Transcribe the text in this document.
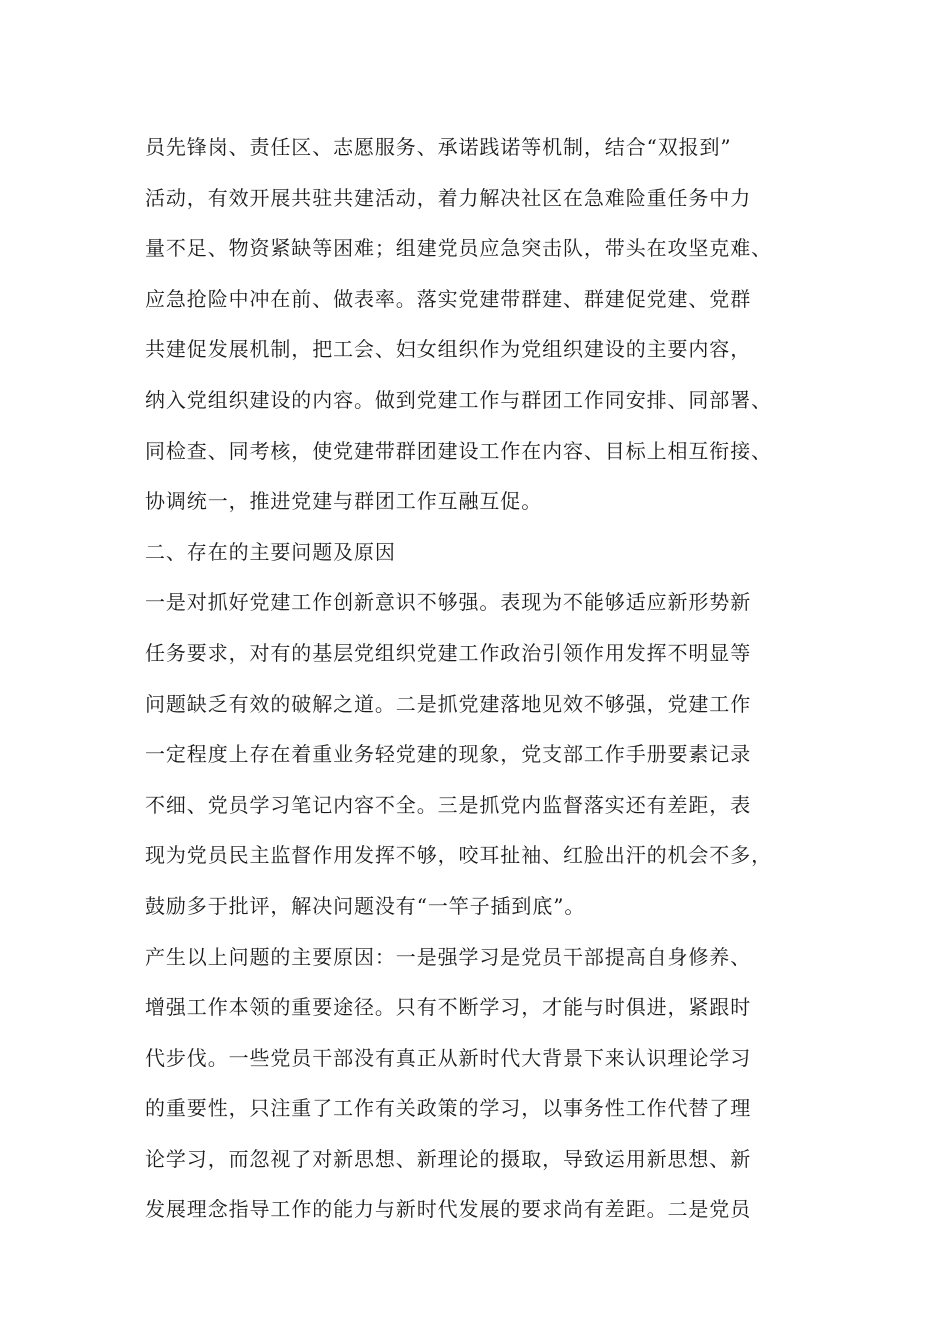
员先锋岗、责任区、志愿服务、承诺践诺等机制，结合“双报到”
活动，有效开展共驻共建活动，着力解决社区在急难险重任务中力
量不足、物资紧缺等困难；组建党员应急突击队，带头在攻坚克难、
应急抢险中冲在前、做表率。落实党建带群建、群建促党建、党群
共建促发展机制，把工会、妇女组织作为党组织建设的主要内容，
纳入党组织建设的内容。做到党建工作与群团工作同安排、同部署、
同检查、同考核，使党建带群团建设工作在内容、目标上相互衔接、
协调统一，推进党建与群团工作互融互促。
二、存在的主要问题及原因
一是对抓好党建工作创新意识不够强。表现为不能够适应新形势新
任务要求，对有的基层党组织党建工作政治引领作用发挥不明显等
问题缺乏有效的破解之道。二是抓党建落地见效不够强，党建工作
一定程度上存在着重业务轻党建的现象，党支部工作手册要素记录
不细、党员学习笔记内容不全。三是抓党内监督落实还有差距，表
现为党员民主监督作用发挥不够，咬耳扯袖、红脸出汗的机会不多，
鼓励多于批评，解决问题没有“一竿子插到底”。
产生以上问题的主要原因：一是强学习是党员干部提高自身修养、
增强工作本领的重要途径。只有不断学习，才能与时俱进，紧跟时
代步伐。一些党员干部没有真正从新时代大背景下来认识理论学习
的重要性，只注重了工作有关政策的学习，以事务性工作代替了理
论学习，而忽视了对新思想、新理论的摄取，导致运用新思想、新
发展理念指导工作的能力与新时代发展的要求尚有差距。二是党员
